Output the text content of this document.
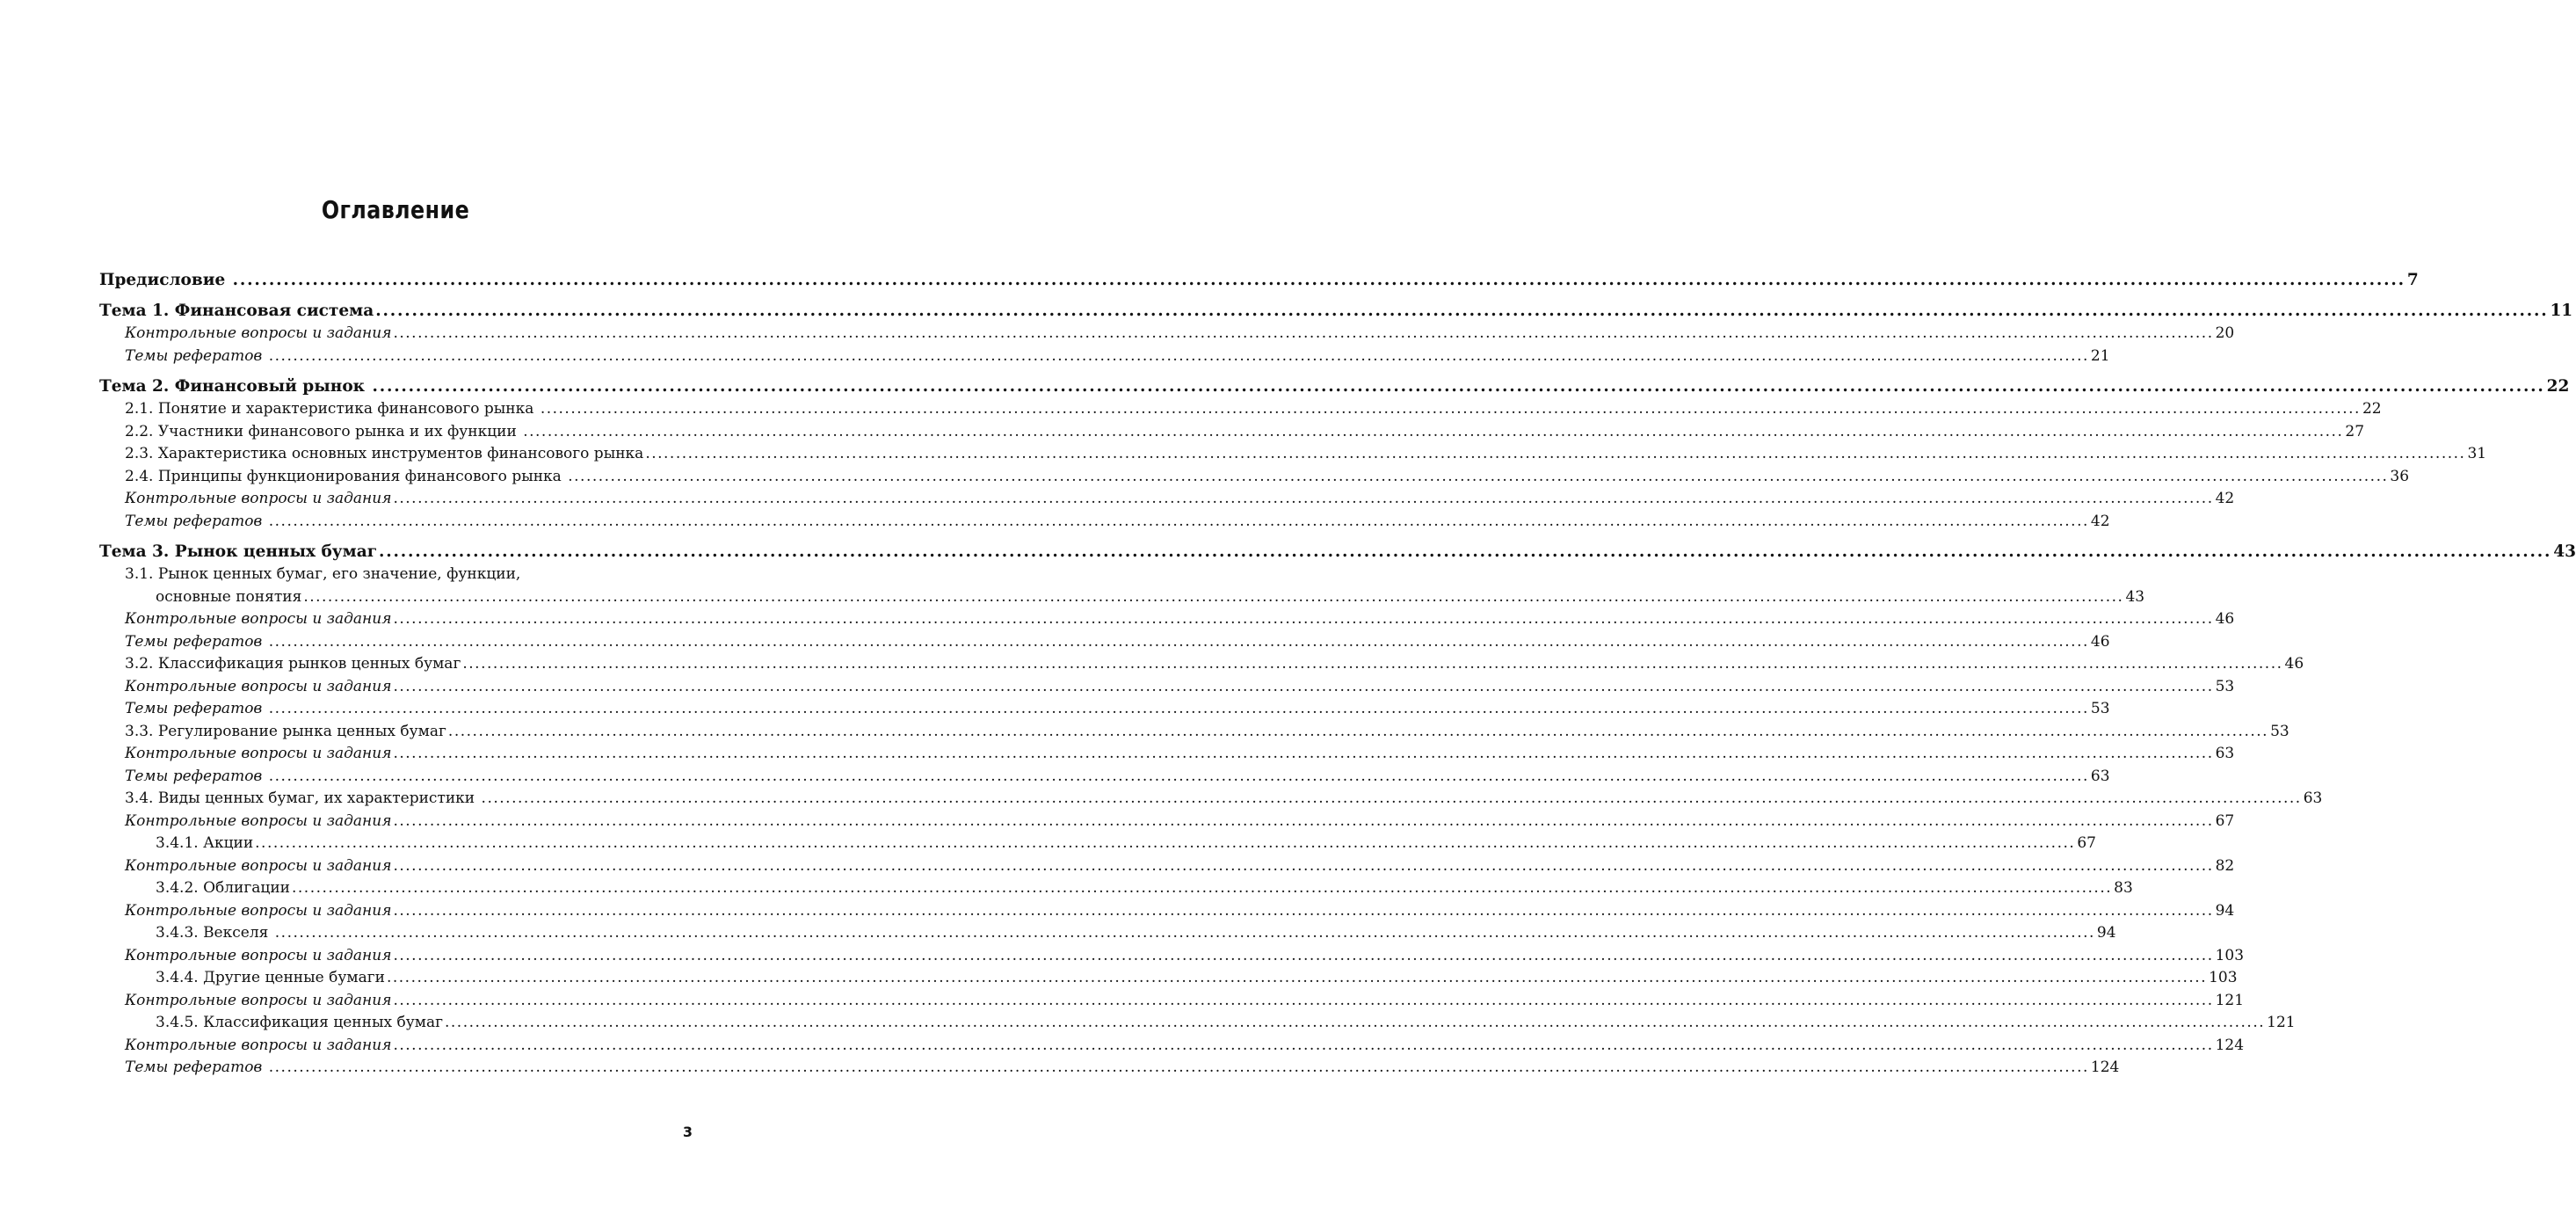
Оглавление
Предисловие ............................................................................................................................................................................................................................................................................................................ 7
Тема 1. Финансовая система ............................................................................................................................................................................................................................................................................................................ 11
Контрольные вопросы и задания ............................................................................................................................................................................................................................................................................................................ 20
Темы рефератов ............................................................................................................................................................................................................................................................................................................ 21
Тема 2. Финансовый рынок ............................................................................................................................................................................................................................................................................................................ 22
2.1. Понятие и характеристика финансового рынка ............................................................................................................................................................................................................................................................................................................ 22
2.2. Участники финансового рынка и их функции ............................................................................................................................................................................................................................................................................................................ 27
2.3. Характеристика основных инструментов финансового рынка ............................................................................................................................................................................................................................................................................................................ 31
2.4. Принципы функционирования финансового рынка ............................................................................................................................................................................................................................................................................................................ 36
Контрольные вопросы и задания ............................................................................................................................................................................................................................................................................................................ 42
Темы рефератов ............................................................................................................................................................................................................................................................................................................ 42
Тема 3. Рынок ценных бумаг ............................................................................................................................................................................................................................................................................................................ 43
3.1. Рынок ценных бумаг, его значение, функции,
основные понятия ............................................................................................................................................................................................................................................................................................................ 43
Контрольные вопросы и задания ............................................................................................................................................................................................................................................................................................................ 46
Темы рефератов ............................................................................................................................................................................................................................................................................................................ 46
3.2. Классификация рынков ценных бумаг ............................................................................................................................................................................................................................................................................................................ 46
Контрольные вопросы и задания ............................................................................................................................................................................................................................................................................................................ 53
Темы рефератов ............................................................................................................................................................................................................................................................................................................ 53
3.3. Регулирование рынка ценных бумаг ............................................................................................................................................................................................................................................................................................................ 53
Контрольные вопросы и задания ............................................................................................................................................................................................................................................................................................................ 63
Темы рефератов ............................................................................................................................................................................................................................................................................................................ 63
3.4. Виды ценных бумаг, их характеристики ............................................................................................................................................................................................................................................................................................................ 63
Контрольные вопросы и задания ............................................................................................................................................................................................................................................................................................................ 67
3.4.1. Акции ............................................................................................................................................................................................................................................................................................................ 67
Контрольные вопросы и задания ............................................................................................................................................................................................................................................................................................................ 82
3.4.2. Облигации ............................................................................................................................................................................................................................................................................................................ 83
Контрольные вопросы и задания ............................................................................................................................................................................................................................................................................................................ 94
3.4.3. Векселя ............................................................................................................................................................................................................................................................................................................ 94
Контрольные вопросы и задания ............................................................................................................................................................................................................................................................................................................ 103
3.4.4. Другие ценные бумаги ............................................................................................................................................................................................................................................................................................................ 103
Контрольные вопросы и задания ............................................................................................................................................................................................................................................................................................................ 121
3.4.5. Классификация ценных бумаг ............................................................................................................................................................................................................................................................................................................ 121
Контрольные вопросы и задания ............................................................................................................................................................................................................................................................................................................ 124
Темы рефератов ............................................................................................................................................................................................................................................................................................................ 124
3
